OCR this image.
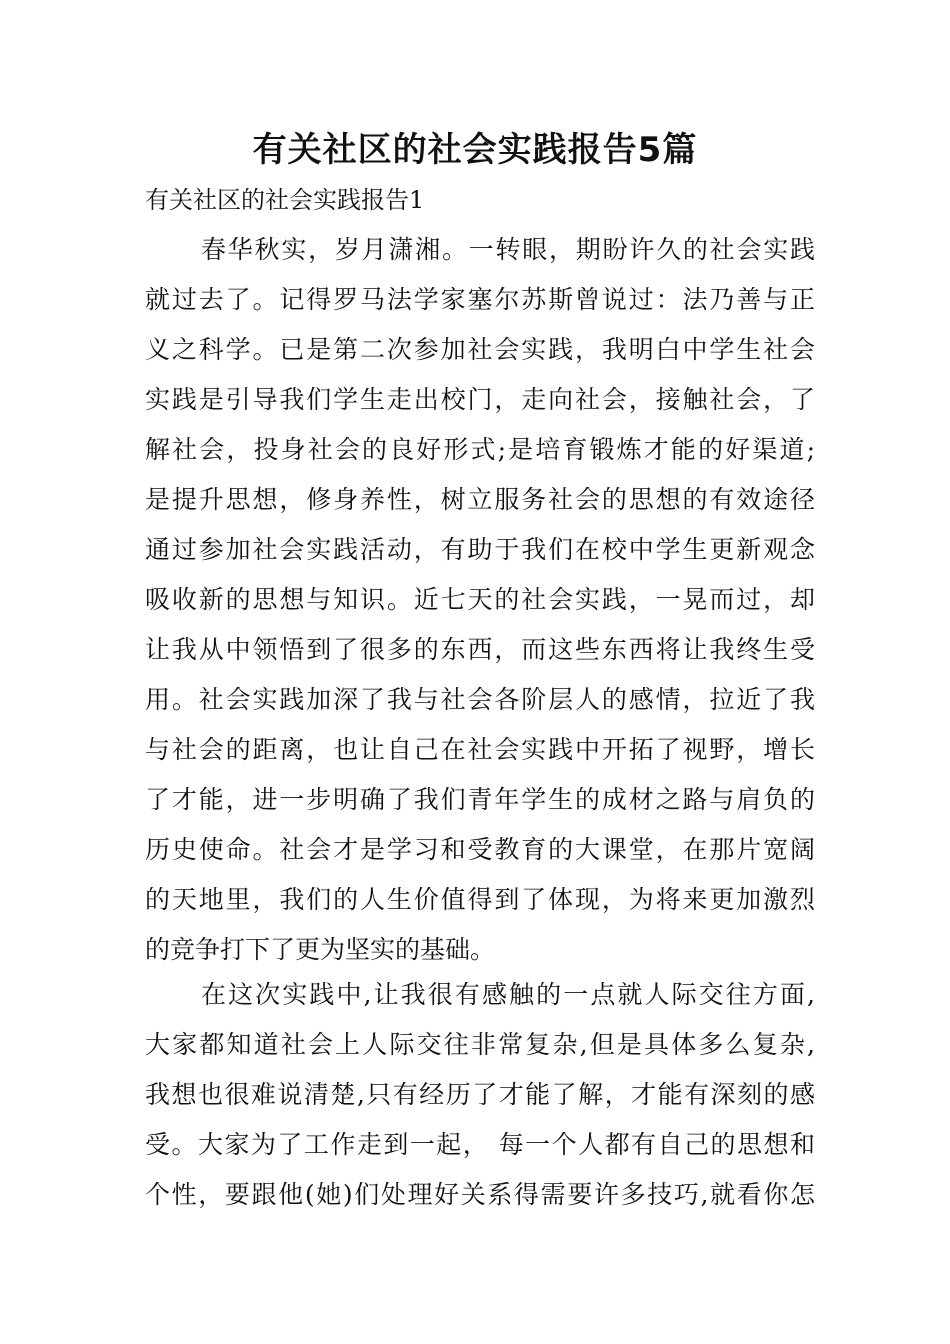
有关社区的社会实践报告5篇
有关社区的社会实践报告1
春华秋实，岁月潇湘。一转眼，期盼许久的社会实践
就过去了。记得罗马法学家塞尔苏斯曾说过：法乃善与正
义之科学。已是第二次参加社会实践，我明白中学生社会
实践是引导我们学生走出校门，走向社会，接触社会，了
解社会，投身社会的良好形式;是培育锻炼才能的好渠道;
是提升思想，修身养性，树立服务社会的思想的有效途径
通过参加社会实践活动，有助于我们在校中学生更新观念
吸收新的思想与知识。近七天的社会实践，一晃而过，却
让我从中领悟到了很多的东西，而这些东西将让我终生受
用。社会实践加深了我与社会各阶层人的感情，拉近了我
与社会的距离，也让自己在社会实践中开拓了视野，增长
了才能，进一步明确了我们青年学生的成材之路与肩负的
历史使命。社会才是学习和受教育的大课堂，在那片宽阔
的天地里，我们的人生价值得到了体现，为将来更加激烈
的竞争打下了更为坚实的基础。
在这次实践中,让我很有感触的一点就人际交往方面,
大家都知道社会上人际交往非常复杂,但是具体多么复杂,
我想也很难说清楚,只有经历了才能了解，才能有深刻的感
受。大家为了工作走到一起， 每一个人都有自己的思想和
个性，要跟他(她)们处理好关系得需要许多技巧,就看你怎
